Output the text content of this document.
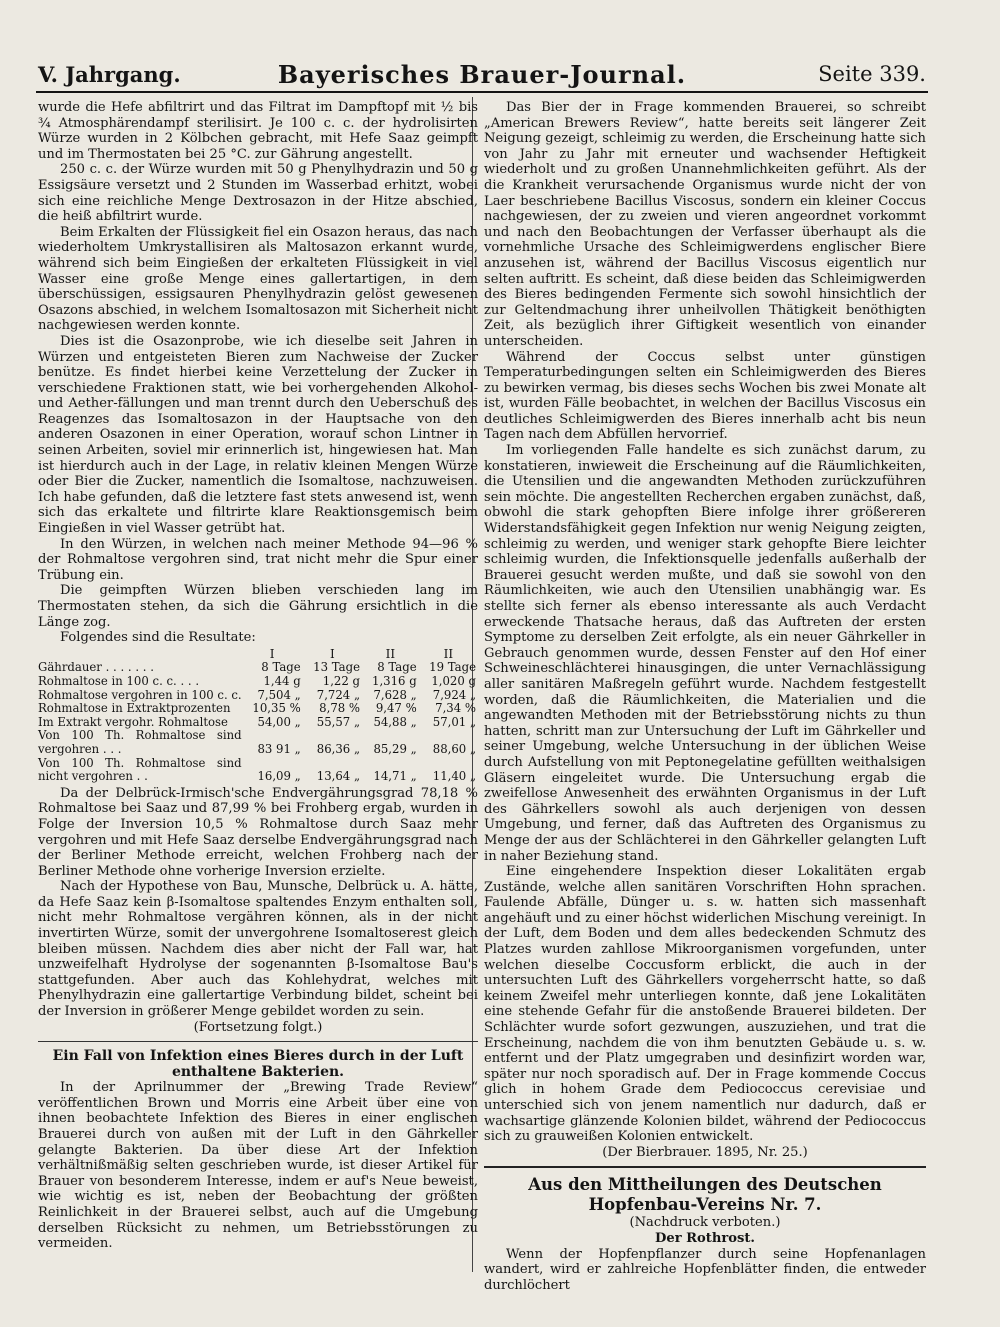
V. Jahrgang.	Bayerisches Brauer-Journal.	Seite 339.

wurde die Hefe abfiltrirt und das Filtrat im Dampftopf mit ½ bis ¾ Atmosphärendampf sterilisirt. Je 100 c. c. der hydrolisirten Würze wurden in 2 Kölbchen gebracht, mit Hefe Saaz geimpft und im Thermostaten bei 25 °C. zur Gährung angestellt.

250 c. c. der Würze wurden mit 50 g Phenylhydrazin und 50 g Essigsäure versetzt und 2 Stunden im Wasserbad erhitzt, wobei sich eine reichliche Menge Dextrosazon in der Hitze abschied, die heiß abfiltrirt wurde.

Beim Erkalten der Flüssigkeit fiel ein Osazon heraus, das nach wiederholtem Umkrystallisiren als Maltosazon erkannt wurde, während sich beim Eingießen der erkalteten Flüssigkeit in viel Wasser eine große Menge eines gallertartigen, in dem überschüssigen, essigsauren Phenylhydrazin gelöst gewesenen Osazons abschied, in welchem Isomaltosazon mit Sicherheit nicht nachgewiesen werden konnte.

Dies ist die Osazonprobe, wie ich dieselbe seit Jahren in Würzen und entgeisteten Bieren zum Nachweise der Zucker benütze. Es findet hierbei keine Verzettelung der Zucker in verschiedene Fraktionen statt, wie bei vorhergehenden Alkohol- und Aether-fällungen und man trennt durch den Ueberschuß des Reagenzes das Isomaltosazon in der Hauptsache von den anderen Osazonen in einer Operation, worauf schon Lintner in seinen Arbeiten, soviel mir erinnerlich ist, hingewiesen hat. Man ist hierdurch auch in der Lage, in relativ kleinen Mengen Würze oder Bier die Zucker, namentlich die Isomaltose, nachzuweisen. Ich habe gefunden, daß die letztere fast stets anwesend ist, wenn sich das erkaltete und filtrirte klare Reaktionsgemisch beim Eingießen in viel Wasser getrübt hat.

In den Würzen, in welchen nach meiner Methode 94—96 % der Rohmaltose vergohren sind, trat nicht mehr die Spur einer Trübung ein.

Die geimpften Würzen blieben verschieden lang im Thermostaten stehen, da sich die Gährung ersichtlich in die Länge zog.

Folgendes sind die Resultate:

	I	I	II	II
Gährdauer . . . . . . .	8 Tage	13 Tage	8 Tage	19 Tage
Rohmaltose in 100 c. c. . . .	1,44 g	1,22 g	1,316 g	1,020 g
Rohmaltose vergohren in 100 c. c.	7,504 „	7,724 „	7,628 „	7,924 „
Rohmaltose in Extraktprozenten	10,35 %	8,78 %	9,47 %	7,34 %
Im Extrakt vergohr. Rohmaltose	54,00 „	55,57 „	54,88 „	57,01 „
Von 100 Th. Rohmaltose sind vergohren . . .	83 91 „	86,36 „	85,29 „	88,60 „
Von 100 Th. Rohmaltose sind nicht vergohren . .	16,09 „	13,64 „	14,71 „	11,40 „

Da der Delbrück-Irmisch'sche Endvergährungsgrad 78,18 % Rohmaltose bei Saaz und 87,99 % bei Frohberg ergab, wurden in Folge der Inversion 10,5 % Rohmaltose durch Saaz mehr vergohren und mit Hefe Saaz derselbe Endvergährungsgrad nach der Berliner Methode erreicht, welchen Frohberg nach der Berliner Methode ohne vorherige Inversion erzielte.

Nach der Hypothese von Bau, Munsche, Delbrück u. A. hätte, da Hefe Saaz kein β-Isomaltose spaltendes Enzym enthalten soll, nicht mehr Rohmaltose vergähren können, als in der nicht invertirten Würze, somit der unvergohrene Isomaltoserest gleich bleiben müssen. Nachdem dies aber nicht der Fall war, hat unzweifelhaft Hydrolyse der sogenannten β-Isomaltose Bau's stattgefunden. Aber auch das Kohlehydrat, welches mit Phenylhydrazin eine gallertartige Verbindung bildet, scheint bei der Inversion in größerer Menge gebildet worden zu sein.

(Fortsetzung folgt.)

Ein Fall von Infektion eines Bieres durch in der Luft enthaltene Bakterien.

In der Aprilnummer der „Brewing Trade Review“ veröffentlichen Brown und Morris eine Arbeit über eine von ihnen beobachtete Infektion des Bieres in einer englischen Brauerei durch von außen mit der Luft in den Gährkeller gelangte Bakterien. Da über diese Art der Infektion verhältnißmäßig selten geschrieben wurde, ist dieser Artikel für Brauer von besonderem Interesse, indem er auf's Neue beweist, wie wichtig es ist, neben der Beobachtung der größten Reinlichkeit in der Brauerei selbst, auch auf die Umgebung derselben Rücksicht zu nehmen, um Betriebsstörungen zu vermeiden.

Das Bier der in Frage kommenden Brauerei, so schreibt „American Brewers Review“, hatte bereits seit längerer Zeit Neigung gezeigt, schleimig zu werden, die Erscheinung hatte sich von Jahr zu Jahr mit erneuter und wachsender Heftigkeit wiederholt und zu großen Unannehmlichkeiten geführt. Als der die Krankheit verursachende Organismus wurde nicht der von Laer beschriebene Bacillus Viscosus, sondern ein kleiner Coccus nachgewiesen, der zu zweien und vieren angeordnet vorkommt und nach den Beobachtungen der Verfasser überhaupt als die vornehmliche Ursache des Schleimigwerdens englischer Biere anzusehen ist, während der Bacillus Viscosus eigentlich nur selten auftritt. Es scheint, daß diese beiden das Schleimigwerden des Bieres bedingenden Fermente sich sowohl hinsichtlich der zur Geltendmachung ihrer unheilvollen Thätigkeit benöthigten Zeit, als bezüglich ihrer Giftigkeit wesentlich von einander unterscheiden.

Während der Coccus selbst unter günstigen Temperaturbedingungen selten ein Schleimigwerden des Bieres zu bewirken vermag, bis dieses sechs Wochen bis zwei Monate alt ist, wurden Fälle beobachtet, in welchen der Bacillus Viscosus ein deutliches Schleimigwerden des Bieres innerhalb acht bis neun Tagen nach dem Abfüllen hervorrief.

Im vorliegenden Falle handelte es sich zunächst darum, zu konstatieren, inwieweit die Erscheinung auf die Räumlichkeiten, die Utensilien und die angewandten Methoden zurückzuführen sein möchte. Die angestellten Recherchen ergaben zunächst, daß, obwohl die stark gehopften Biere infolge ihrer größereren Widerstandsfähigkeit gegen Infektion nur wenig Neigung zeigten, schleimig zu werden, und weniger stark gehopfte Biere leichter schleimig wurden, die Infektionsquelle jedenfalls außerhalb der Brauerei gesucht werden mußte, und daß sie sowohl von den Räumlichkeiten, wie auch den Utensilien unabhängig war. Es stellte sich ferner als ebenso interessante als auch Verdacht erweckende Thatsache heraus, daß das Auftreten der ersten Symptome zu derselben Zeit erfolgte, als ein neuer Gährkeller in Gebrauch genommen wurde, dessen Fenster auf den Hof einer Schweineschlächterei hinausgingen, die unter Vernachlässigung aller sanitären Maßregeln geführt wurde. Nachdem festgestellt worden, daß die Räumlichkeiten, die Materialien und die angewandten Methoden mit der Betriebsstörung nichts zu thun hatten, schritt man zur Untersuchung der Luft im Gährkeller und seiner Umgebung, welche Untersuchung in der üblichen Weise durch Aufstellung von mit Peptonegelatine gefüllten weithalsigen Gläsern eingeleitet wurde. Die Untersuchung ergab die zweifellose Anwesenheit des erwähnten Organismus in der Luft des Gährkellers sowohl als auch derjenigen von dessen Umgebung, und ferner, daß das Auftreten des Organismus zu Menge der aus der Schlächterei in den Gährkeller gelangten Luft in naher Beziehung stand.

Eine eingehendere Inspektion dieser Lokalitäten ergab Zustände, welche allen sanitären Vorschriften Hohn sprachen. Faulende Abfälle, Dünger u. s. w. hatten sich massenhaft angehäuft und zu einer höchst widerlichen Mischung vereinigt. In der Luft, dem Boden und dem alles bedeckenden Schmutz des Platzes wurden zahllose Mikroorganismen vorgefunden, unter welchen dieselbe Coccusform erblickt, die auch in der untersuchten Luft des Gährkellers vorgeherrscht hatte, so daß keinem Zweifel mehr unterliegen konnte, daß jene Lokalitäten eine stehende Gefahr für die anstoßende Brauerei bildeten. Der Schlächter wurde sofort gezwungen, auszuziehen, und trat die Erscheinung, nachdem die von ihm benutzten Gebäude u. s. w. entfernt und der Platz umgegraben und desinfizirt worden war, später nur noch sporadisch auf. Der in Frage kommende Coccus glich in hohem Grade dem Pediococcus cerevisiae und unterschied sich von jenem namentlich nur dadurch, daß er wachsartige glänzende Kolonien bildet, während der Pediococcus sich zu grauweißen Kolonien entwickelt.

(Der Bierbrauer. 1895, Nr. 25.)

Aus den Mittheilungen des Deutschen Hopfenbau-Vereins Nr. 7.

(Nachdruck verboten.)

Der Rothrost.

Wenn der Hopfenpflanzer durch seine Hopfenanlagen wandert, wird er zahlreiche Hopfenblätter finden, die entweder durchlöchert
